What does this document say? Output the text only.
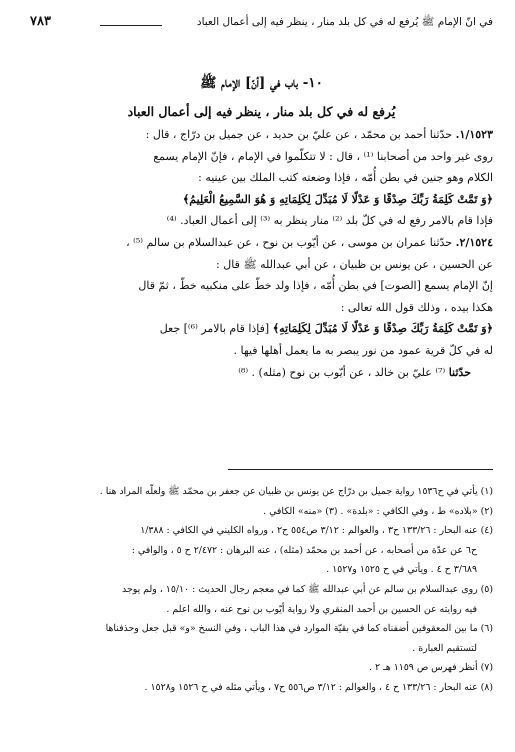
في انّ الإمام ﷺ يُرفع له في كل بلد منار ، ينظر فيه إلى أعمال العباد
٧٨٣
١٠- باب في [أنّ] الإمام ﷺ
يُرفع له في كل بلد منار ، ينظر فيه إلى أعمال العباد

١/١٥٢٣. حدّثنا أحمد بن محمّد ، عن عليّ بن حديد ، عن جميل بن درّاج ، قال :

روى غير واحد من أصحابنا ⁽¹⁾ ، قال : لا تتكلّموا في الإمام ، فإنّ الإمام يسمع

الكلام وهو جنين في بطن أُمّه ، فإذا وضعته كتب الملك بين عينيه :

﴿وَ تَمَّتْ كَلِمَةُ رَبِّكَ صِدْقًا وَ عَدْلًا لَا مُبَدِّلَ لِكَلِمَاتِهِ وَ هُوَ السَّمِيعُ الْعَلِيمُ﴾

فإذا قام بالامر رفع له في كلّ بلد ⁽²⁾ منار ينظر به ⁽³⁾ إلى أعمال العباد. ⁽⁴⁾

٢/١٥٢٤. حدّثنا عمران بن موسى ، عن أيّوب بن نوح ، عن عبدالسلام بن سالم ⁽⁵⁾ ،

عن الحسين ، عن يونس بن ظبيان ، عن أبي عبدالله ﷺ قال :

إنّ الإمام يسمع [الصوت] في بطن أُمّه ، فإذا ولد خطّ على منكبيه خطّ ، ثمّ قال

هكذا بيده ، وذلك قول الله تعالى :

﴿وَ تَمَّتْ كَلِمَةُ رَبِّكَ صِدْقًا وَ عَدْلًا لَا مُبَدِّلَ لِكَلِمَاتِهِ﴾ [فإذا قام بالامر ⁽⁶⁾] جعل

له في كلّ قرية عمود من نور يبصر به ما يعمل أهلها فيها .

حدّثنا ⁽⁷⁾ عليّ بن خالد ، عن أيّوب بن نوح (مثله) . ⁽⁸⁾

(١) يأتي في ح١٥٣٦ رواية جميل بن درّاج عن يونس بن ظبيان عن جعفر بن محمّد ﷺ ولعلّه المراد هنا .

(٢) «بلاده» ط ، وفي الكافي : «بلدة» . (٣) «منه» الكافي .

(٤) عنه البحار : ١٣٣/٢٦ ح٣ ، والعوالم : ٣/١٢ ص٥٥٤ ح٢ ، ورواه الكليني في الكافي : ١/٣٨٨

ح٦ عن عدّة من أصحابه ، عن أحمد بن محمّد (مثله) ، عنه البرهان : ٢/٤٧٢ ح ٥ ، والوافي :

٣/٦٨٩ ح ٤ . ويأتي في ح ١٥٢٥ و١٥٢٧ .

(٥) روى عبدالسلام بن سالم عن أبي عبدالله ﷺ كما في معجم رجال الحديث : ١٥/١٠ ، ولم يوجد

فيه روايته عن الحسين بن أحمد المنقري ولا رواية أيّوب بن نوح عنه ، والله اعلم .

(٦) ما بين المعقوفين أضفناه كما في بقيّة الموارد في هذا الباب ، وفي النسخ «و» قبل جعل وحذفناها

لتستقيم العبارة .

(٧) أنظر فهرس ص ١١٥٩ هـ ٢ .

(٨) عنه البحار : ١٣٣/٢٦ ح ٤ ، والعوالم : ٣/١٢ ص٥٥٦ ح٧ ، ويأتي مثله في ح ١٥٢٦ و١٥٢٨ .
